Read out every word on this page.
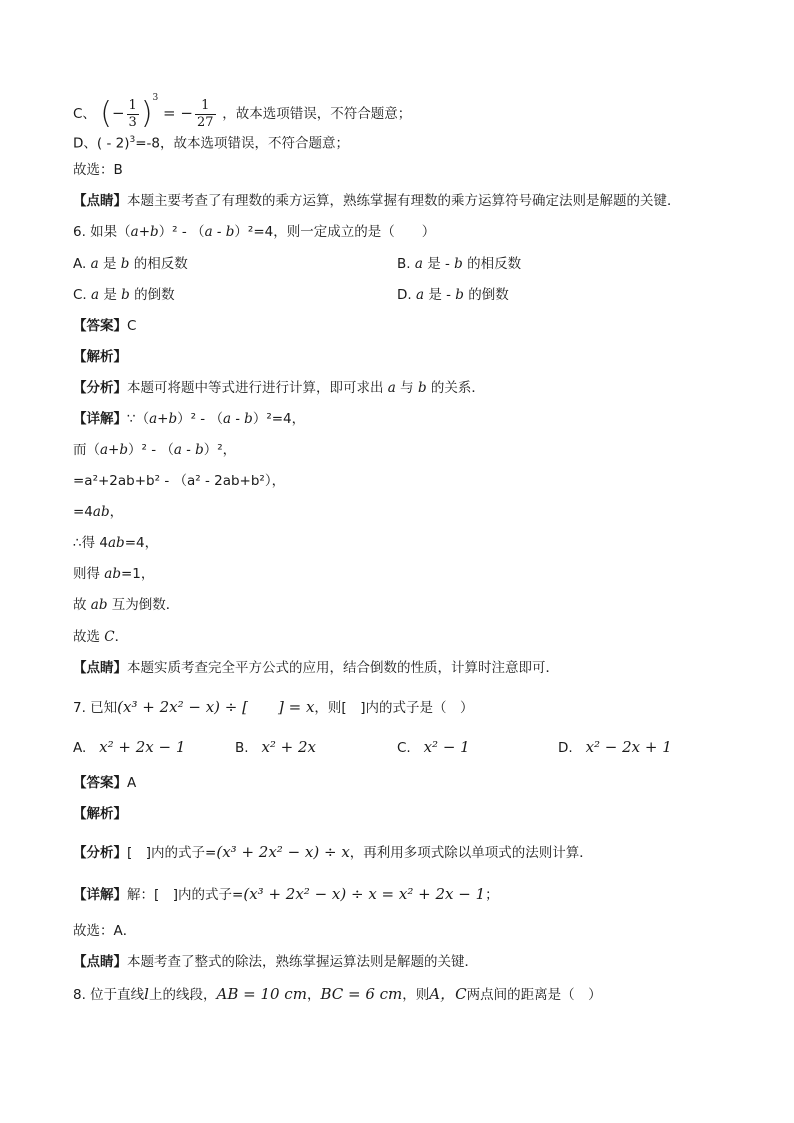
C、 (− $\frac{1}{3} )^3$ = − $\frac{1}{27}$ ，故本选项错误，不符合题意；
D、( - 2)$^3$=-8，故本选项错误，不符合题意；
故选：B
【点睛】本题主要考查了有理数的乘方运算，熟练掌握有理数的乘方运算符号确定法则是解题的关键．
6. 如果（a+b）² - （a - b）²=4，则一定成立的是（　　）
A. a 是 b 的相反数	B. a 是 - b 的相反数
C. a 是 b 的倒数	D. a 是 - b 的倒数
【答案】C
【解析】
【分析】本题可将题中等式进行进行计算，即可求出 a 与 b 的关系．
【详解】∵（a+b）² - （a - b）²=4，
而（a+b）² - （a - b）²，
=a²+2ab+b² - （a² - 2ab+b²），
=4ab，
∴得 4ab=4，
则得 ab=1，
故 ab 互为倒数．
故选 C．
【点睛】本题实质考查完全平方公式的应用，结合倒数的性质，计算时注意即可．
7. 已知(x³ + 2x² − x) ÷ [ ] = x，则[　]内的式子是（　）
A. x² + 2x − 1	B. x² + 2x	C. x² − 1	D. x² − 2x + 1
【答案】A
【解析】
【分析】[　]内的式子=(x³ + 2x² − x) ÷ x，再利用多项式除以单项式的法则计算．
【详解】解：[　]内的式子=(x³ + 2x² − x) ÷ x = x² + 2x − 1；
故选：A．
【点睛】本题考查了整式的除法，熟练掌握运算法则是解题的关键．
8. 位于直线l上的线段，AB = 10 cm，BC = 6 cm，则A，C两点间的距离是（　）
